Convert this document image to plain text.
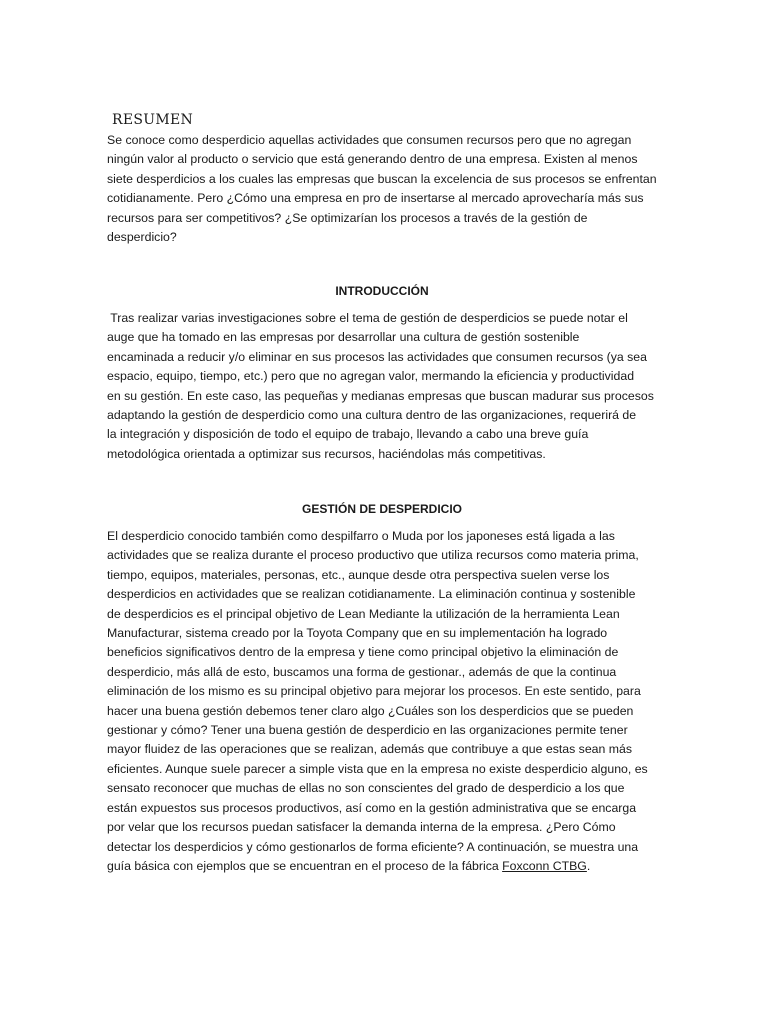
RESUMEN
Se conoce como desperdicio aquellas actividades que consumen recursos pero que no agregan
ningún valor al producto o servicio que está generando dentro de una empresa. Existen al menos
siete desperdicios a los cuales las empresas que buscan la excelencia de sus procesos se enfrentan
cotidianamente. Pero ¿Cómo una empresa en pro de insertarse al mercado aprovecharía más sus
recursos para ser competitivos? ¿Se optimizarían los procesos a través de la gestión de
desperdicio?
INTRODUCCIÓN
Tras realizar varias investigaciones sobre el tema de gestión de desperdicios se puede notar el
auge que ha tomado en las empresas por desarrollar una cultura de gestión sostenible
encaminada a reducir y/o eliminar en sus procesos las actividades que consumen recursos (ya sea
espacio, equipo, tiempo, etc.) pero que no agregan valor, mermando la eficiencia y productividad
en su gestión. En este caso, las pequeñas y medianas empresas que buscan madurar sus procesos
adaptando la gestión de desperdicio como una cultura dentro de las organizaciones, requerirá de
la integración y disposición de todo el equipo de trabajo, llevando a cabo una breve guía
metodológica orientada a optimizar sus recursos, haciéndolas más competitivas.
GESTIÓN DE DESPERDICIO
El desperdicio conocido también como despilfarro o Muda por los japoneses está ligada a las
actividades que se realiza durante el proceso productivo que utiliza recursos como materia prima,
tiempo, equipos, materiales, personas, etc., aunque desde otra perspectiva suelen verse los
desperdicios en actividades que se realizan cotidianamente. La eliminación continua y sostenible
de desperdicios es el principal objetivo de Lean Mediante la utilización de la herramienta Lean
Manufacturar, sistema creado por la Toyota Company que en su implementación ha logrado
beneficios significativos dentro de la empresa y tiene como principal objetivo la eliminación de
desperdicio, más allá de esto, buscamos una forma de gestionar., además de que la continua
eliminación de los mismo es su principal objetivo para mejorar los procesos. En este sentido, para
hacer una buena gestión debemos tener claro algo ¿Cuáles son los desperdicios que se pueden
gestionar y cómo? Tener una buena gestión de desperdicio en las organizaciones permite tener
mayor fluidez de las operaciones que se realizan, además que contribuye a que estas sean más
eficientes. Aunque suele parecer a simple vista que en la empresa no existe desperdicio alguno, es
sensato reconocer que muchas de ellas no son conscientes del grado de desperdicio a los que
están expuestos sus procesos productivos, así como en la gestión administrativa que se encarga
por velar que los recursos puedan satisfacer la demanda interna de la empresa. ¿Pero Cómo
detectar los desperdicios y cómo gestionarlos de forma eficiente? A continuación, se muestra una
guía básica con ejemplos que se encuentran en el proceso de la fábrica Foxconn CTBG.
